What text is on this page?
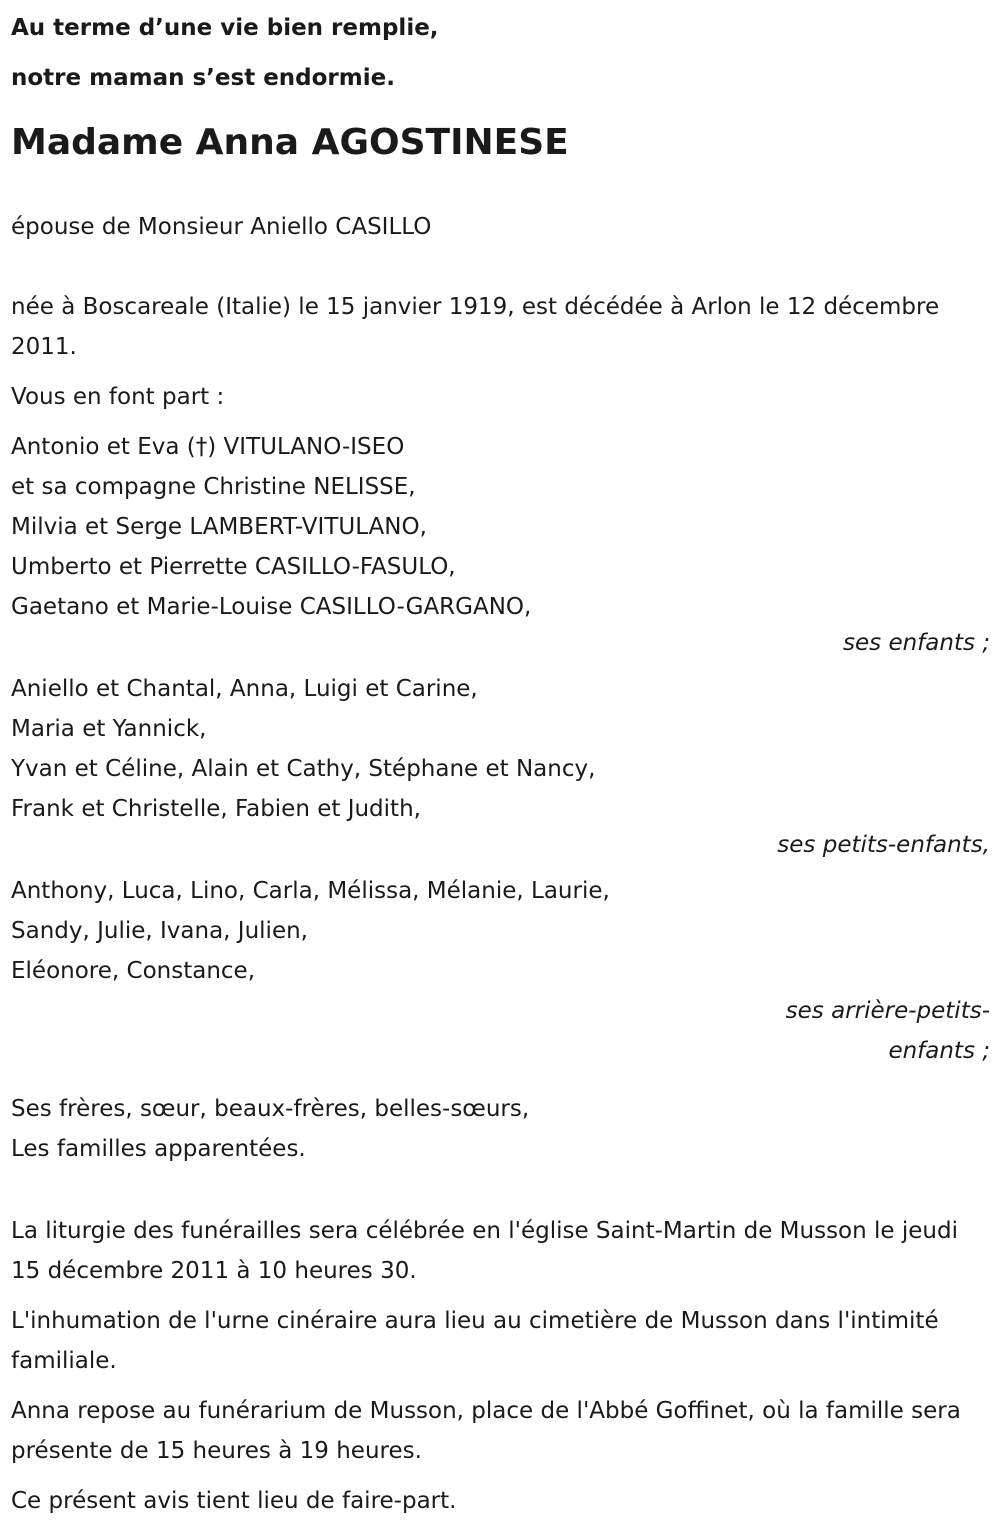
Au terme d’une vie bien remplie,
notre maman s’est endormie.
Madame Anna AGOSTINESE

épouse de Monsieur Aniello CASILLO

née à Boscareale (Italie) le 15 janvier 1919, est décédée à Arlon le 12 décembre 2011.

Vous en font part :

Antonio et Eva (†) VITULANO-ISEO
et sa compagne Christine NELISSE,
Milvia et Serge LAMBERT-VITULANO,
Umberto et Pierrette CASILLO-FASULO,
Gaetano et Marie-Louise CASILLO-GARGANO,

ses enfants ;

Aniello et Chantal, Anna, Luigi et Carine,
Maria et Yannick,
Yvan et Céline, Alain et Cathy, Stéphane et Nancy,
Frank et Christelle, Fabien et Judith,

ses petits-enfants,

Anthony, Luca, Lino, Carla, Mélissa, Mélanie, Laurie,
Sandy, Julie, Ivana, Julien,
Eléonore, Constance,

ses arrière-petits-

enfants ;

Ses frères, sœur, beaux-frères, belles-sœurs,
Les familles apparentées.

La liturgie des funérailles sera célébrée en l'église Saint-Martin de Musson le jeudi 15 décembre 2011 à 10 heures 30.

L'inhumation de l'urne cinéraire aura lieu au cimetière de Musson dans l'intimité familiale.

Anna repose au funérarium de Musson, place de l'Abbé Goffinet, où la famille sera présente de 15 heures à 19 heures.

Ce présent avis tient lieu de faire-part.
